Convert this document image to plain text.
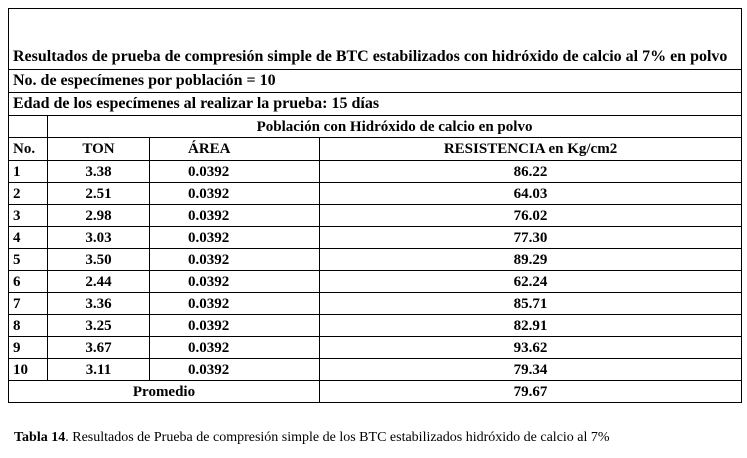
Resultados de prueba de compresión simple de BTC estabilizados con hidróxido de calcio al 7% en polvo			
No. de especímenes por población = 10			
Edad de los especímenes al realizar la prueba: 15 días			
	Población con Hidróxido de calcio en polvo		
No.	TON	ÁREA	RESISTENCIA en Kg/cm2
1	3.38	0.0392	86.22
2	2.51	0.0392	64.03
3	2.98	0.0392	76.02
4	3.03	0.0392	77.30
5	3.50	0.0392	89.29
6	2.44	0.0392	62.24
7	3.36	0.0392	85.71
8	3.25	0.0392	82.91
9	3.67	0.0392	93.62
10	3.11	0.0392	79.34
Promedio			79.67
Tabla 14. Resultados de Prueba de compresión simple de los BTC estabilizados hidróxido de calcio al 7%
